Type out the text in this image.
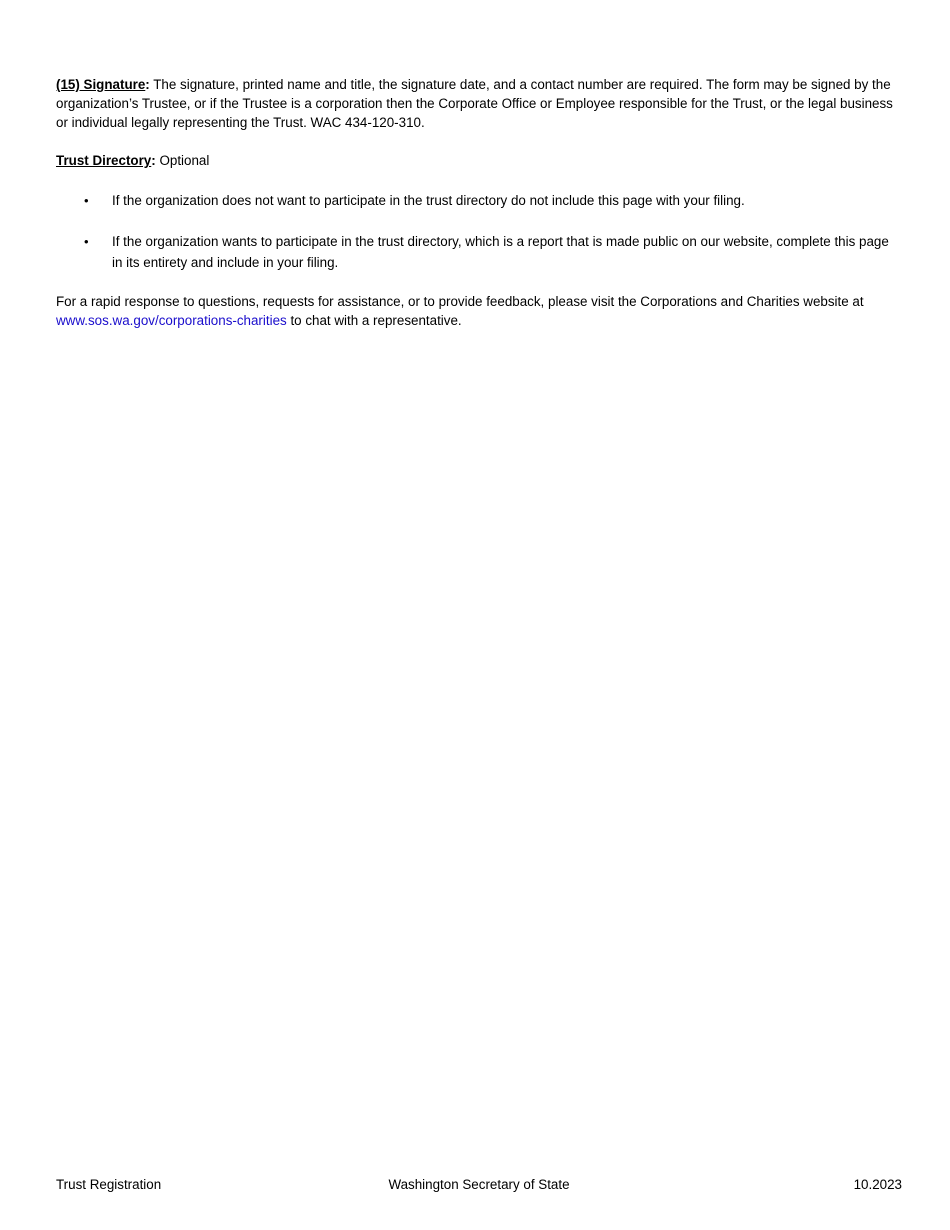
(15) Signature: The signature, printed name and title, the signature date, and a contact number are required. The form may be signed by the organization’s Trustee, or if the Trustee is a corporation then the Corporate Office or Employee responsible for the Trust, or the legal business or individual legally representing the Trust. WAC 434-120-310.

Trust Directory: Optional

• If the organization does not want to participate in the trust directory do not include this page with your filing.
• If the organization wants to participate in the trust directory, which is a report that is made public on our website, complete this page in its entirety and include in your filing.

For a rapid response to questions, requests for assistance, or to provide feedback, please visit the Corporations and Charities website at www.sos.wa.gov/corporations-charities to chat with a representative.

Trust Registration	Washington Secretary of State	10.2023
